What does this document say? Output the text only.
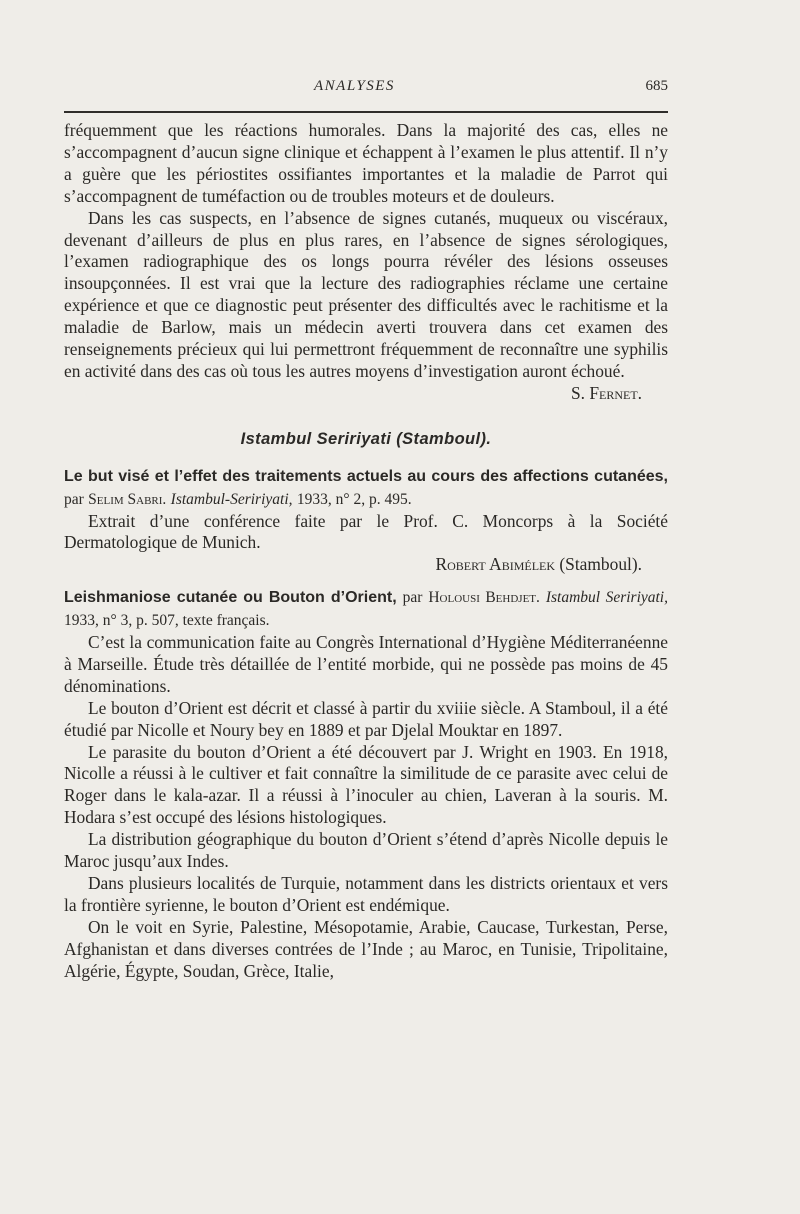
ANALYSES	685

fréquemment que les réactions humorales. Dans la majorité des cas, elles ne s’accompagnent d’aucun signe clinique et échappent à l’examen le plus attentif. Il n’y a guère que les périostites ossifiantes importantes et la maladie de Parrot qui s’accompagnent de tuméfaction ou de troubles moteurs et de douleurs.

Dans les cas suspects, en l’absence de signes cutanés, muqueux ou viscéraux, devenant d’ailleurs de plus en plus rares, en l’absence de signes sérologiques, l’examen radiographique des os longs pourra révéler des lésions osseuses insoupçonnées. Il est vrai que la lecture des radiographies réclame une certaine expérience et que ce diagnostic peut présenter des difficultés avec le rachitisme et la maladie de Barlow, mais un médecin averti trouvera dans cet examen des renseignements précieux qui lui permettront fréquemment de reconnaître une syphilis en activité dans des cas où tous les autres moyens d’investigation auront échoué.

S. Fernet.

Istambul Seririyati (Stamboul).

Le but visé et l’effet des traitements actuels au cours des affections cutanées, par Selim Sabri. Istambul-Seririyati, 1933, n° 2, p. 495.

Extrait d’une conférence faite par le Prof. C. Moncorps à la Société Dermatologique de Munich.

Robert Abimélek (Stamboul).

Leishmaniose cutanée ou Bouton d’Orient, par Holousi Behdjet. Istambul Seririyati, 1933, n° 3, p. 507, texte français.

C’est la communication faite au Congrès International d’Hygiène Méditerranéenne à Marseille. Étude très détaillée de l’entité morbide, qui ne possède pas moins de 45 dénominations.

Le bouton d’Orient est décrit et classé à partir du xviiie siècle. A Stamboul, il a été étudié par Nicolle et Noury bey en 1889 et par Djelal Mouktar en 1897.

Le parasite du bouton d’Orient a été découvert par J. Wright en 1903. En 1918, Nicolle a réussi à le cultiver et fait connaître la similitude de ce parasite avec celui de Roger dans le kala-azar. Il a réussi à l’inoculer au chien, Laveran à la souris. M. Hodara s’est occupé des lésions histologiques.

La distribution géographique du bouton d’Orient s’étend d’après Nicolle depuis le Maroc jusqu’aux Indes.

Dans plusieurs localités de Turquie, notamment dans les districts orientaux et vers la frontière syrienne, le bouton d’Orient est endémique.

On le voit en Syrie, Palestine, Mésopotamie, Arabie, Caucase, Turkestan, Perse, Afghanistan et dans diverses contrées de l’Inde ; au Maroc, en Tunisie, Tripolitaine, Algérie, Égypte, Soudan, Grèce, Italie,
